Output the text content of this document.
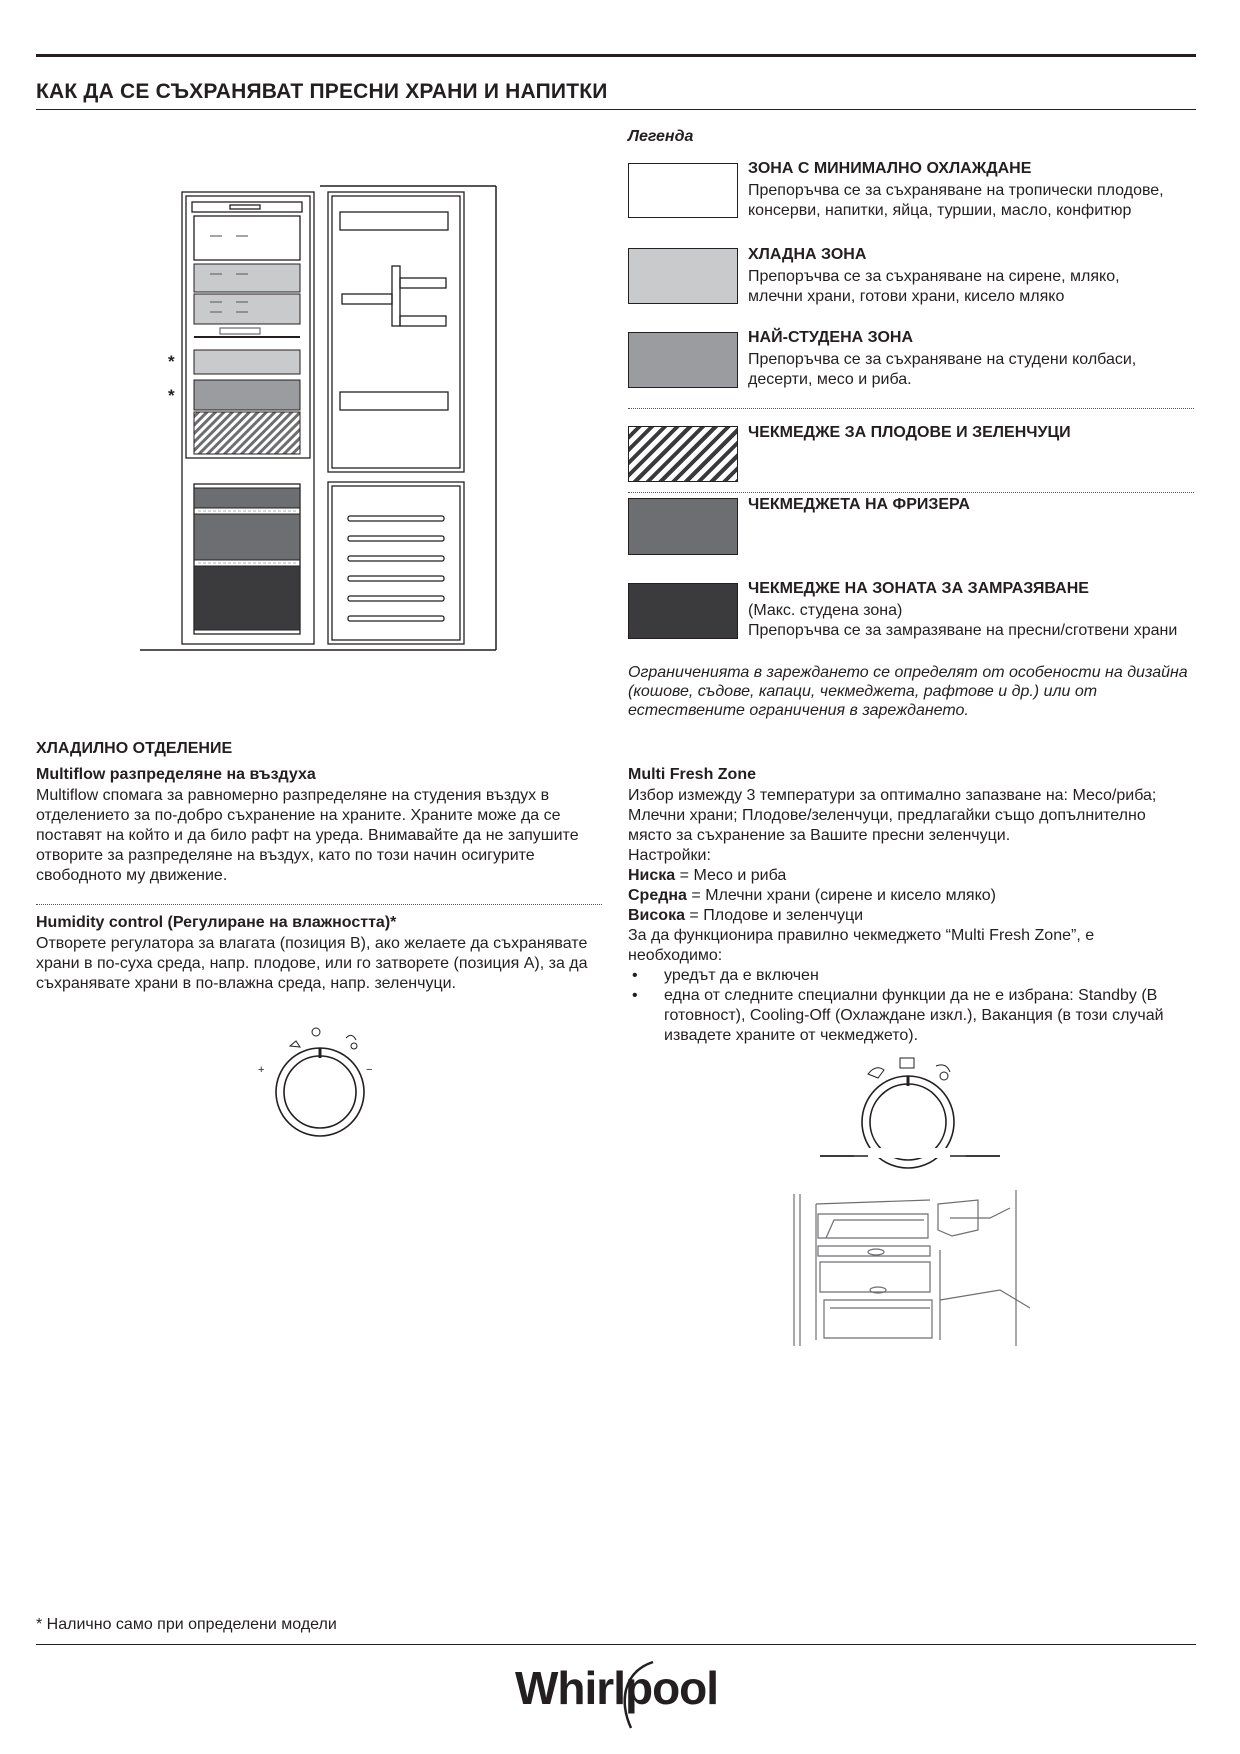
КАК ДА СЕ СЪХРАНЯВАТ ПРЕСНИ ХРАНИ И НАПИТКИ
*
*
Легенда
ЗОНА С МИНИМАЛНО ОХЛАЖДАНЕ
Препоръчва се за съхраняване на тропически плодове, консерви, напитки, яйца, туршии, масло, конфитюр
ХЛАДНА ЗОНА
Препоръчва се за съхраняване на сирене, мляко, млечни храни, готови храни, кисело мляко
НАЙ-СТУДЕНА ЗОНА
Препоръчва се за съхраняване на студени колбаси, десерти, месо и риба.
ЧЕКМЕДЖЕ ЗА ПЛОДОВЕ И ЗЕЛЕНЧУЦИ
ЧЕКМЕДЖЕТА НА ФРИЗЕРА
ЧЕКМЕДЖЕ НА ЗОНАТА ЗА ЗАМРАЗЯВАНЕ
(Макс. студена зона)
Препоръчва се за замразяване на пресни/сготвени храни
Ограниченията в зареждането се определят от особености на дизайна (кошове, съдове, капаци, чекмеджета, рафтове и др.) или от естествените ограничения в зареждането.
ХЛАДИЛНО ОТДЕЛЕНИЕ
Multiflow разпределяне на въздуха
Multiflow спомага за равномерно разпределяне на студения въздух в отделението за по-добро съхранение на храните. Храните може да се поставят на който и да било рафт на уреда. Внимавайте да не запушите отворите за разпределяне на въздух, като по този начин осигурите свободното му движение.
Humidity control (Регулиране на влажността)*
Отворете регулатора за влагата (позиция B), ако желаете да съхранявате храни в по-суха среда, напр. плодове, или го затворете (позиция A), за да съхранявате храни в по-влажна среда, напр. зеленчуци.
+	−
Multi Fresh Zone
Избор измежду 3 температури за оптимално запазване на: Месо/риба; Млечни храни; Плодове/зеленчуци, предлагайки също допълнително място за съхранение за Вашите пресни зеленчуци.
Настройки:
Ниска = Месо и риба
Средна = Млечни храни (сирене и кисело мляко)
Висока = Плодове и зеленчуци
За да функционира правилно чекмеджето “Multi Fresh Zone”, е необходимо:
• уредът да е включен
• една от следните специални функции да не е избрана: Standby (В готовност), Cooling-Off (Охлаждане изкл.), Ваканция (в този случай извадете храните от чекмеджето).
* Налично само при определени модели
Whirlpool
